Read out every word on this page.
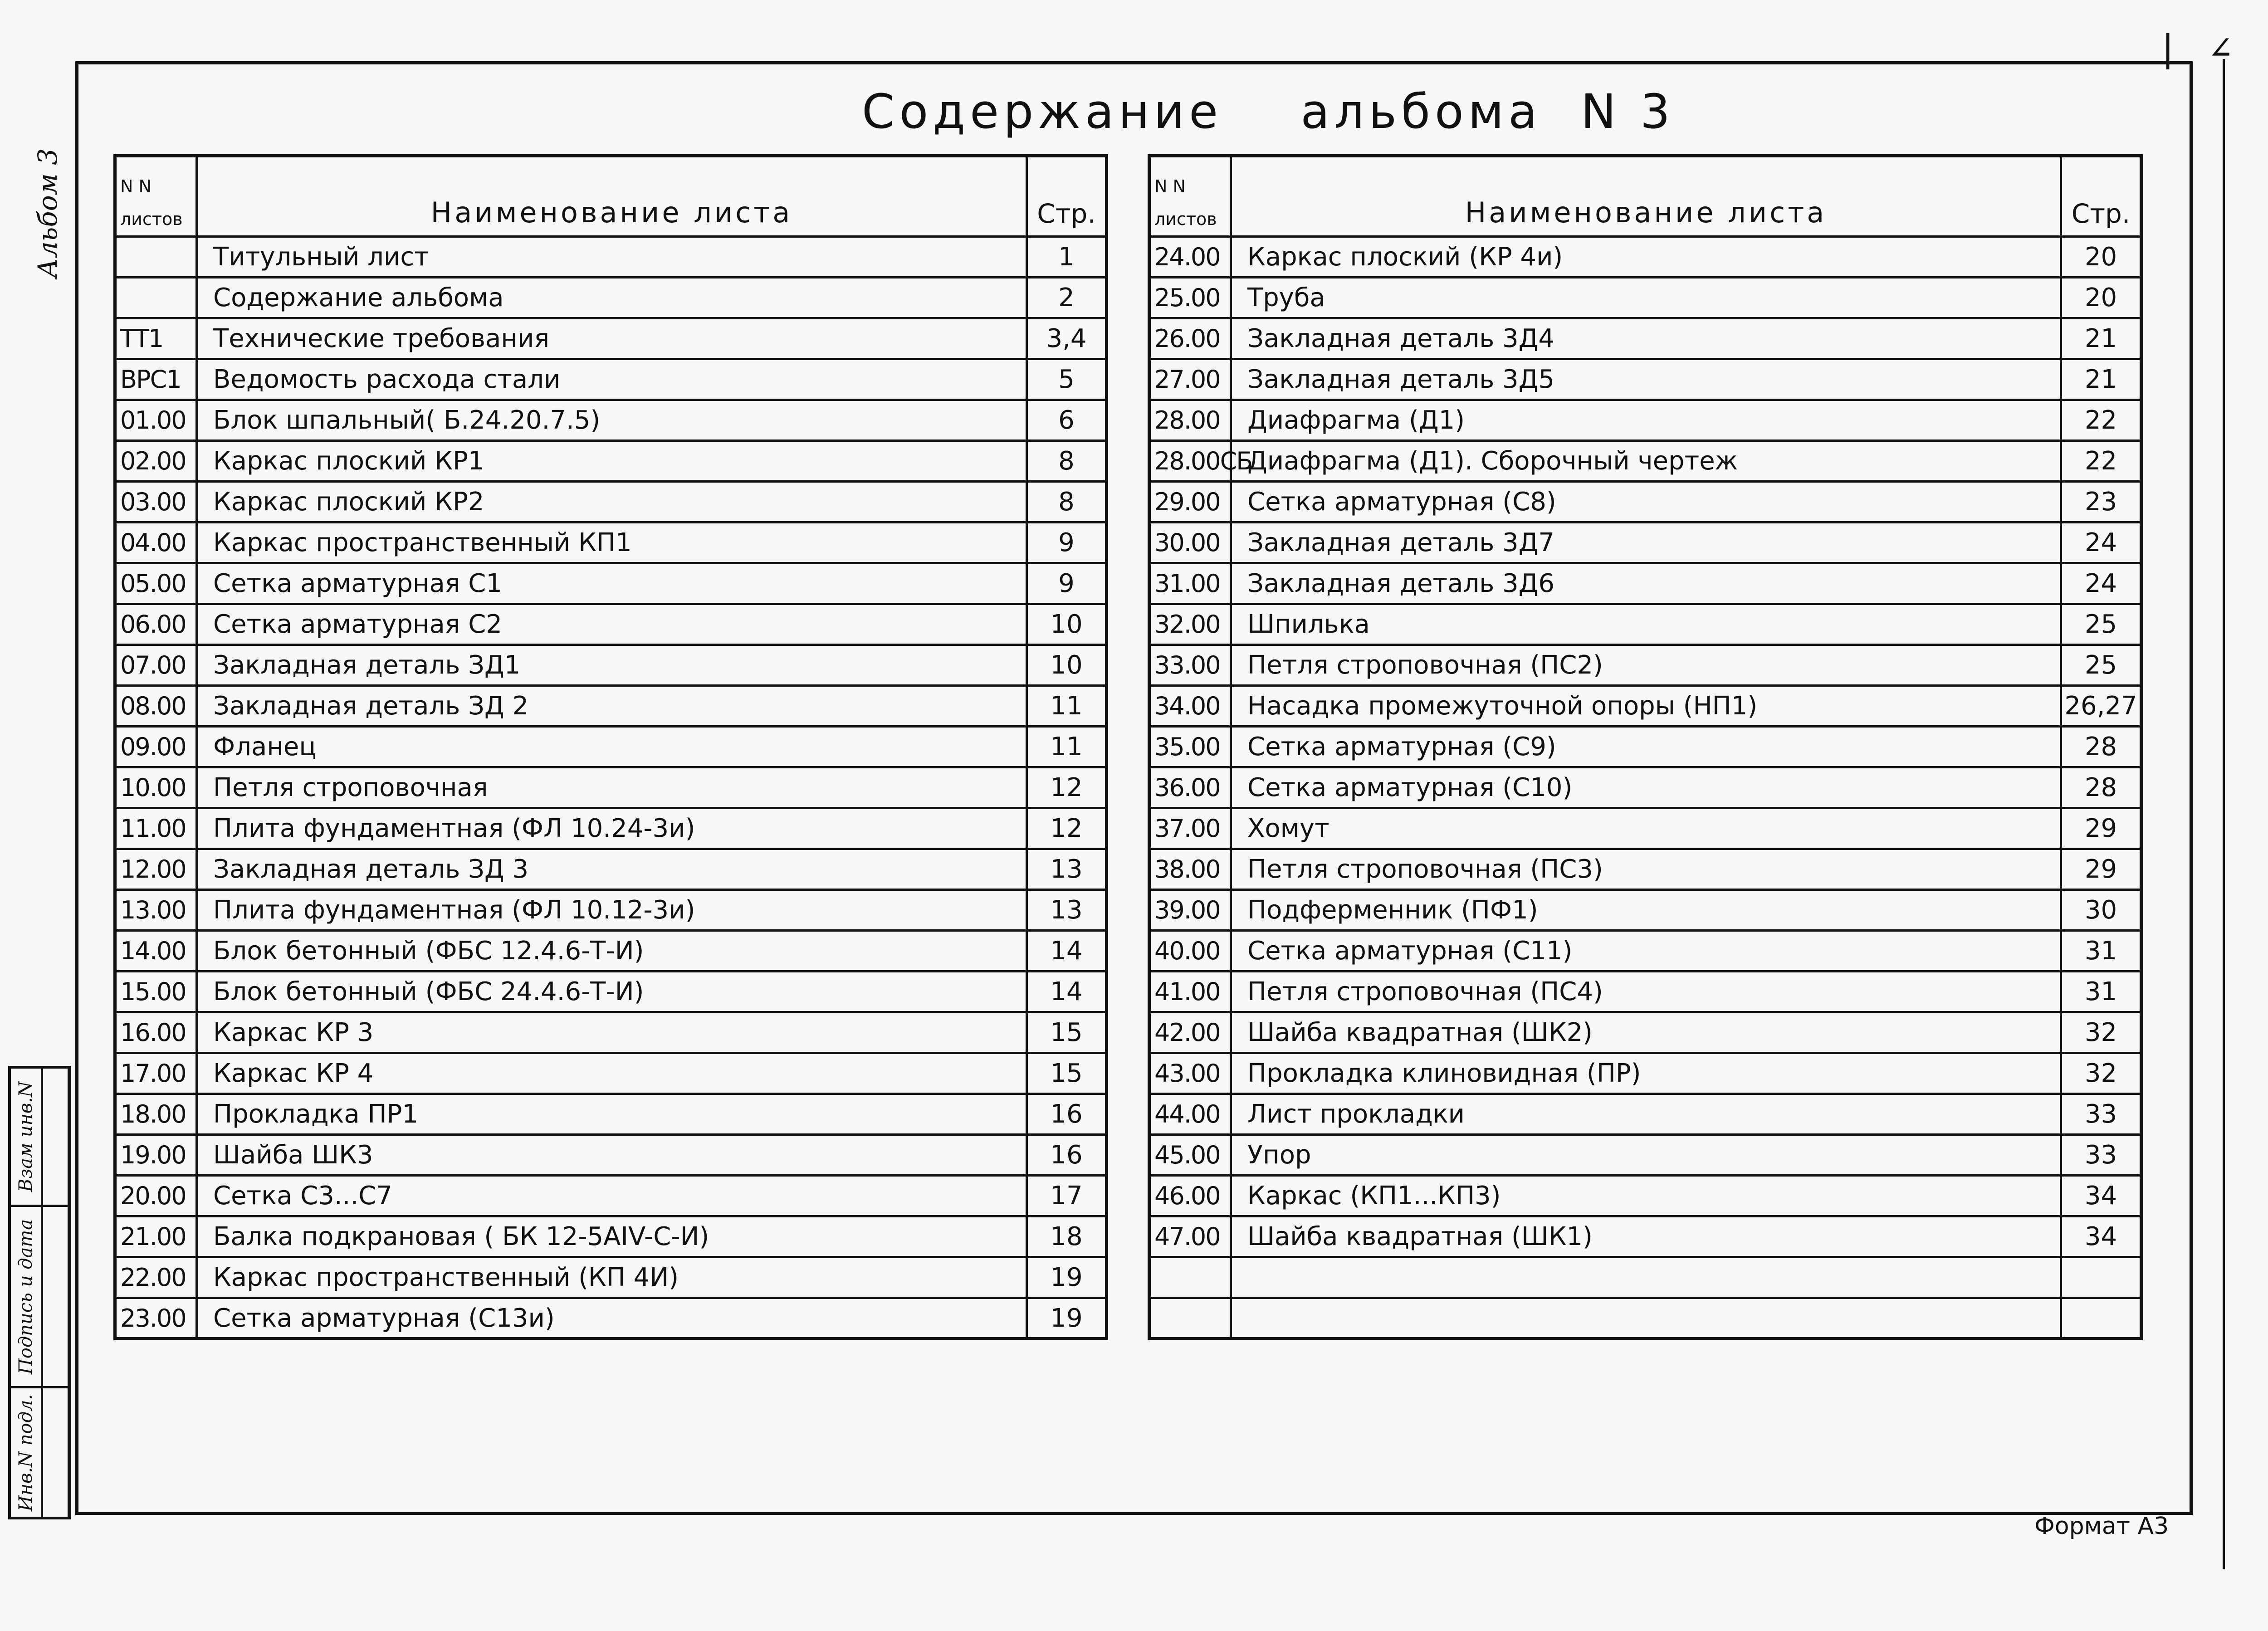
| ∠
Содержание    альбома  N 3
Альбом 3
Взам инв.N
Подпись и дата
Инв.N подл.
N N
листов	Наименование листа	Стр.
	Титульный лист	1
	Содержание альбома	2
ТТ1	Технические требования	3,4
ВРС1	Ведомость расхода стали	5
01.00	Блок шпальный( Б.24.20.7.5)	6
02.00	Каркас плоский КР1	8
03.00	Каркас плоский КР2	8
04.00	Каркас пространственный КП1	9
05.00	Сетка арматурная С1	9
06.00	Сетка арматурная С2	10
07.00	Закладная деталь ЗД1	10
08.00	Закладная деталь ЗД 2	11
09.00	Фланец	11
10.00	Петля строповочная	12
11.00	Плита фундаментная (ФЛ 10.24-3и)	12
12.00	Закладная деталь ЗД 3	13
13.00	Плита фундаментная (ФЛ 10.12-3и)	13
14.00	Блок бетонный (ФБС 12.4.6-Т-И)	14
15.00	Блок бетонный (ФБС 24.4.6-Т-И)	14
16.00	Каркас КР 3	15
17.00	Каркас КР 4	15
18.00	Прокладка ПР1	16
19.00	Шайба ШК3	16
20.00	Сетка С3...С7	17
21.00	Балка подкрановая ( БК 12-5АIV-С-И)	18
22.00	Каркас пространственный (КП 4И)	19
23.00	Сетка арматурная (С13и)	19
N N
листов	Наименование листа	Стр.
24.00	Каркас плоский (КР 4и)	20
25.00	Труба	20
26.00	Закладная деталь 3Д4	21
27.00	Закладная деталь 3Д5	21
28.00	Диафрагма (Д1)	22
28.00СБ	Диафрагма (Д1). Сборочный чертеж	22
29.00	Сетка арматурная (С8)	23
30.00	Закладная деталь 3Д7	24
31.00	Закладная деталь 3Д6	24
32.00	Шпилька	25
33.00	Петля строповочная (ПС2)	25
34.00	Насадка промежуточной опоры (НП1)	26,27
35.00	Сетка арматурная (С9)	28
36.00	Сетка арматурная (С10)	28
37.00	Хомут	29
38.00	Петля строповочная (ПС3)	29
39.00	Подферменник (ПФ1)	30
40.00	Сетка арматурная (С11)	31
41.00	Петля строповочная (ПС4)	31
42.00	Шайба квадратная (ШК2)	32
43.00	Прокладка клиновидная (ПР)	32
44.00	Лист прокладки	33
45.00	Упор	33
46.00	Каркас (КП1...КП3)	34
47.00	Шайба квадратная (ШК1)	34

Формат А3
